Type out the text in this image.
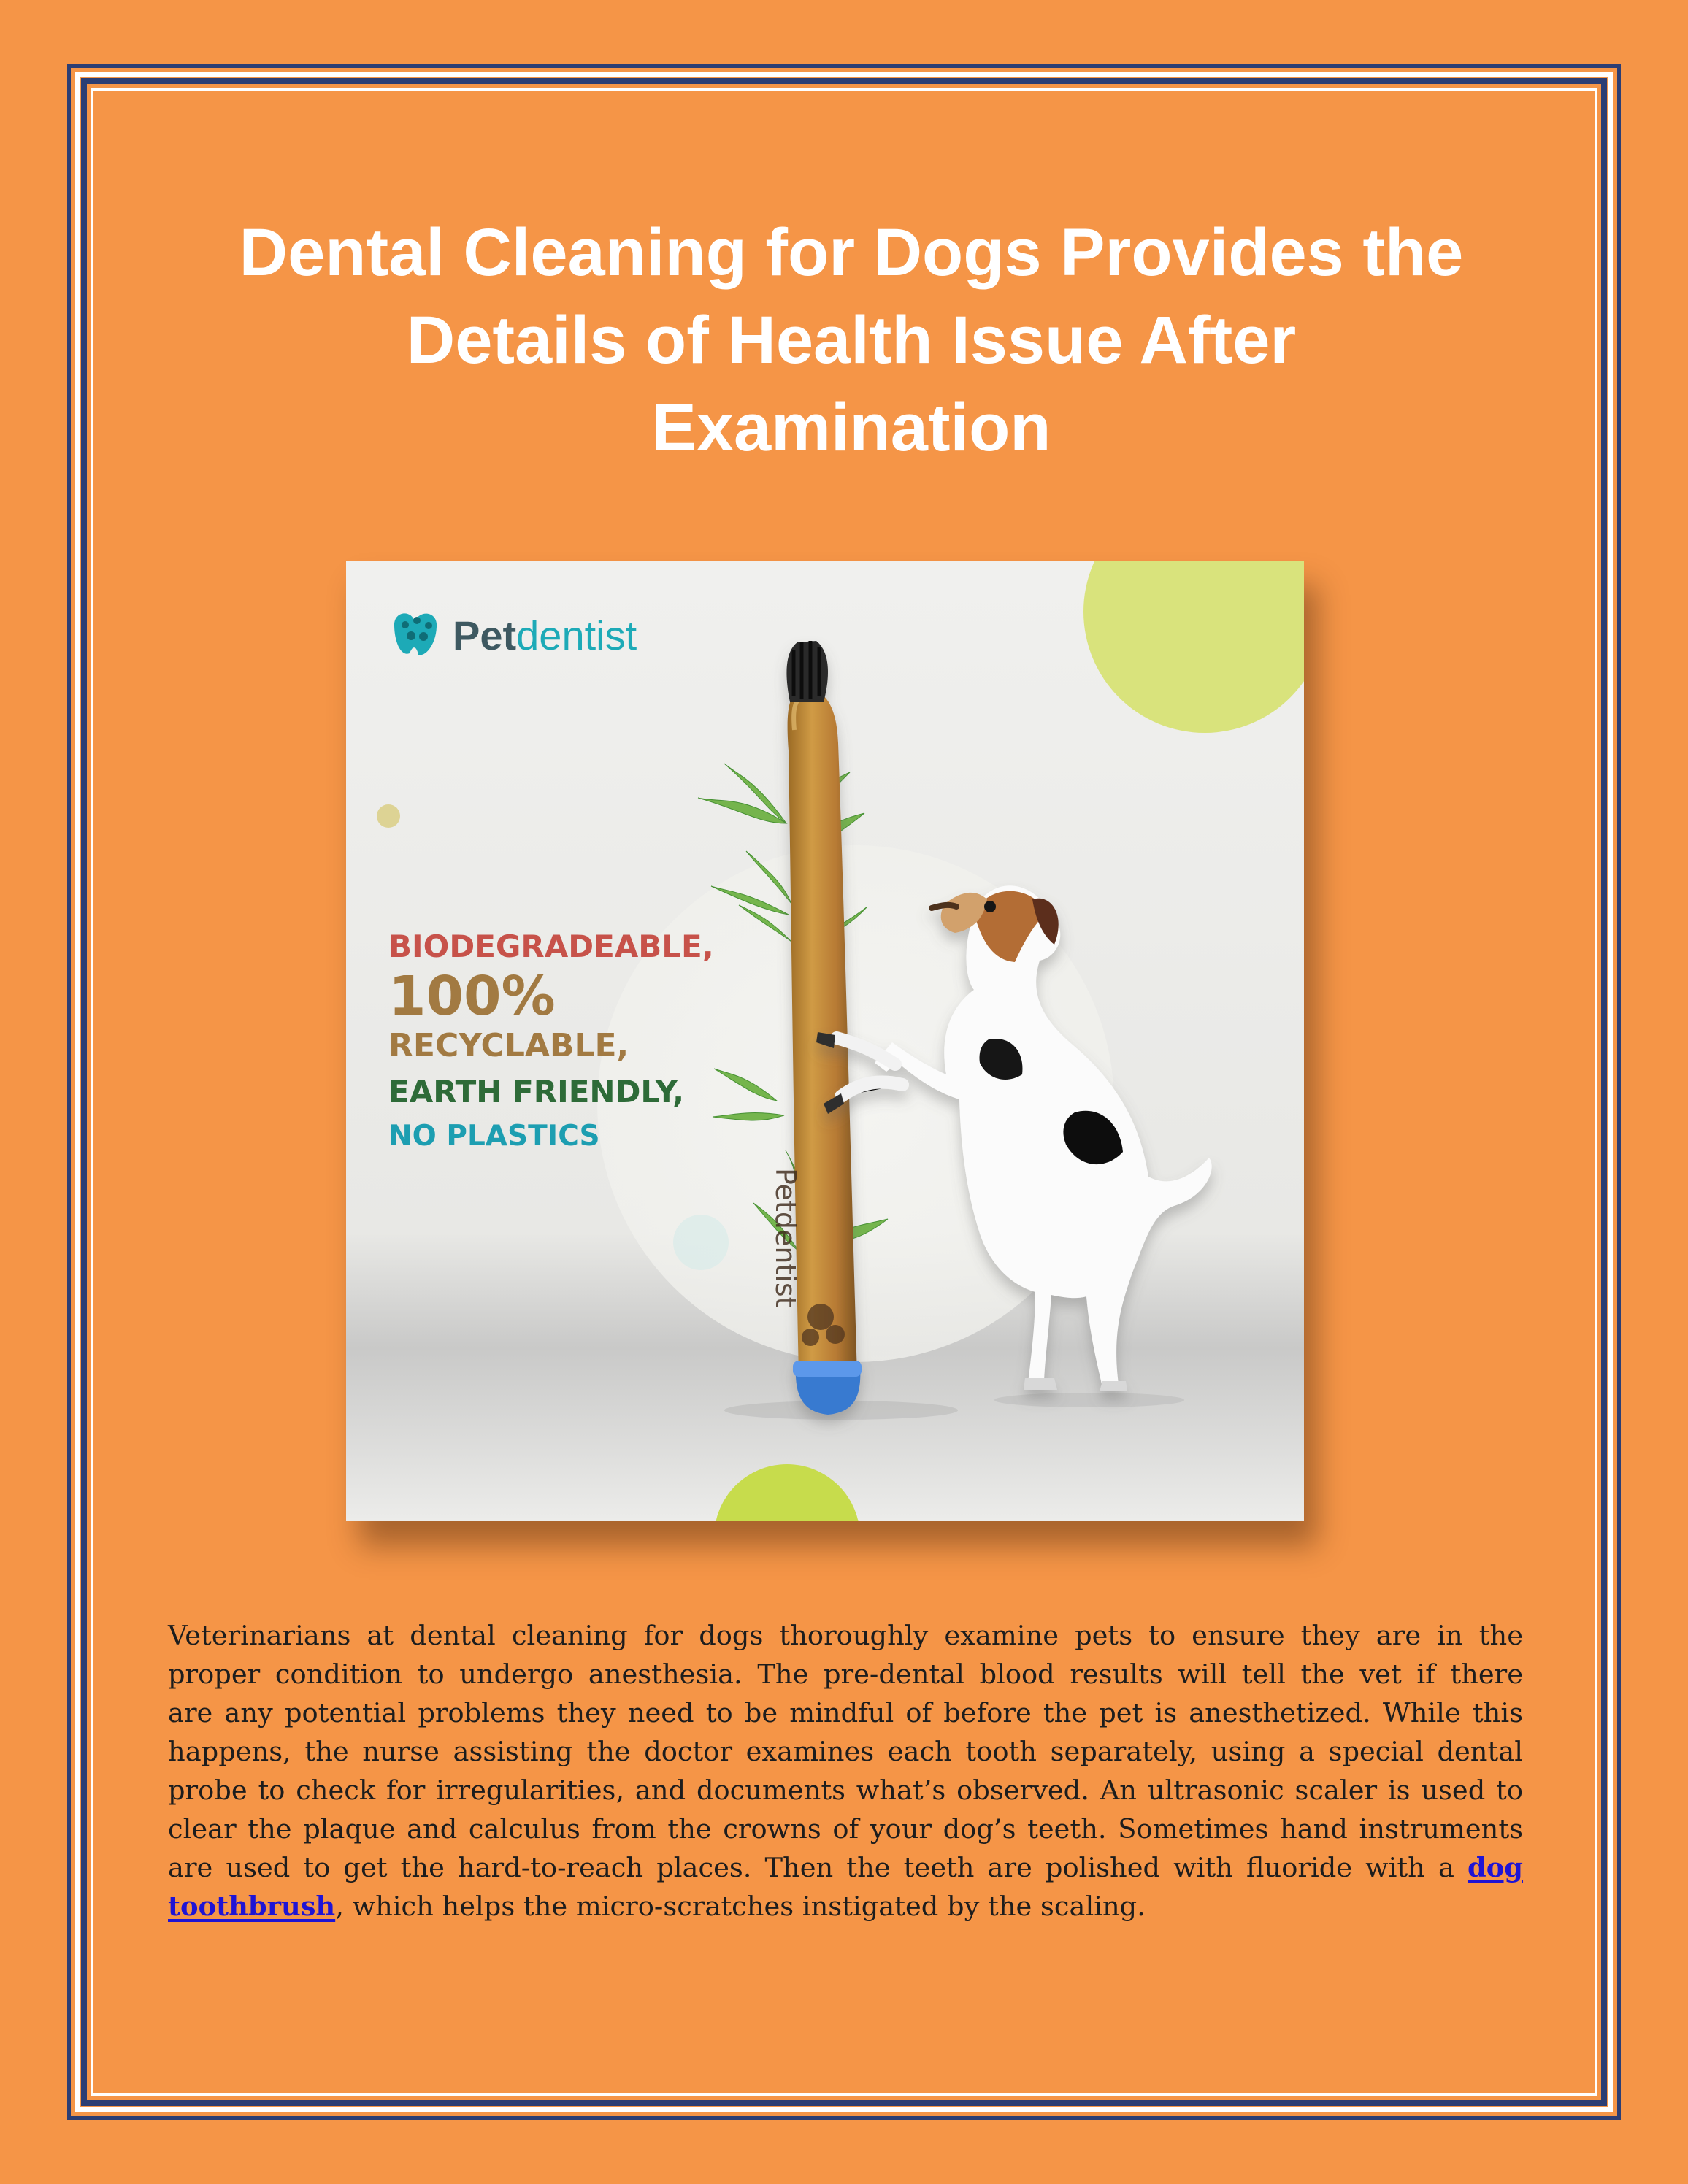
Dental Cleaning for Dogs Provides the
Details of Health Issue After
Examination
Petdentist
BIODEGRADEABLE,
100%
RECYCLABLE,
EARTH FRIENDLY,
NO PLASTICS
Petdentist
Veterinarians at dental cleaning for dogs thoroughly examine pets to ensure they are in the
proper condition to undergo anesthesia. The pre-dental blood results will tell the vet if there
are any potential problems they need to be mindful of before the pet is anesthetized. While this
happens, the nurse assisting the doctor examines each tooth separately, using a special dental
probe to check for irregularities, and documents what’s observed. An ultrasonic scaler is used to
clear the plaque and calculus from the crowns of your dog’s teeth. Sometimes hand instruments
are used to get the hard-to-reach places. Then the teeth are polished with fluoride with a dog
toothbrush, which helps the micro-scratches instigated by the scaling.
